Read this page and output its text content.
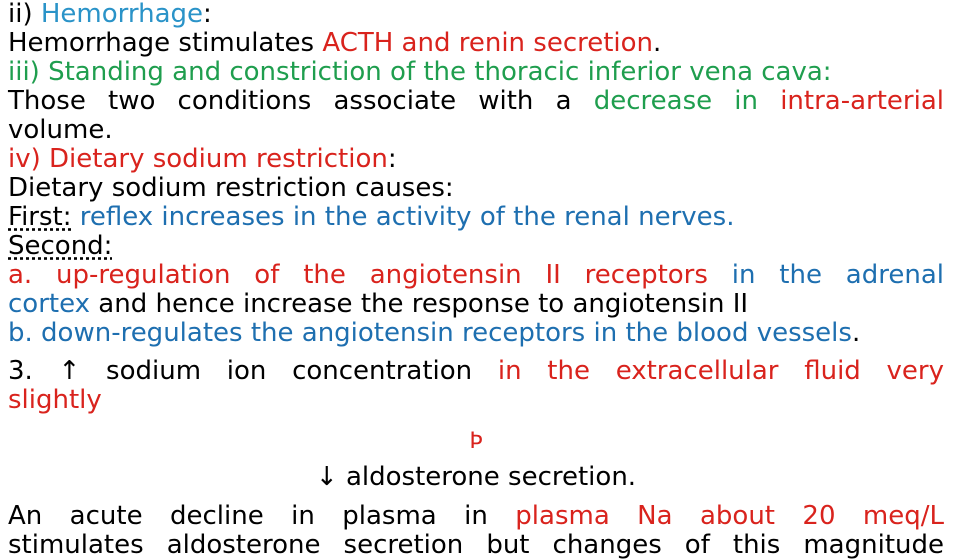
ii) Hemorrhage:
Hemorrhage stimulates ACTH and renin secretion.
iii) Standing and constriction of the thoracic inferior vena cava:
Those two conditions associate with a decrease in intra-arterial
volume.
iv) Dietary sodium restriction:
Dietary sodium restriction causes:
First: reflex increases in the activity of the renal nerves.
Second:
a. up-regulation of the angiotensin II receptors in the adrenal
cortex and hence increase the response to angiotensin II
b. down-regulates the angiotensin receptors in the blood vessels.
3. ↑ sodium ion concentration in the extracellular fluid very
slightly
Þ
↓ aldosterone secretion.
An acute decline in plasma in plasma Na about 20 meq/L
stimulates aldosterone secretion but changes of this magnitude
